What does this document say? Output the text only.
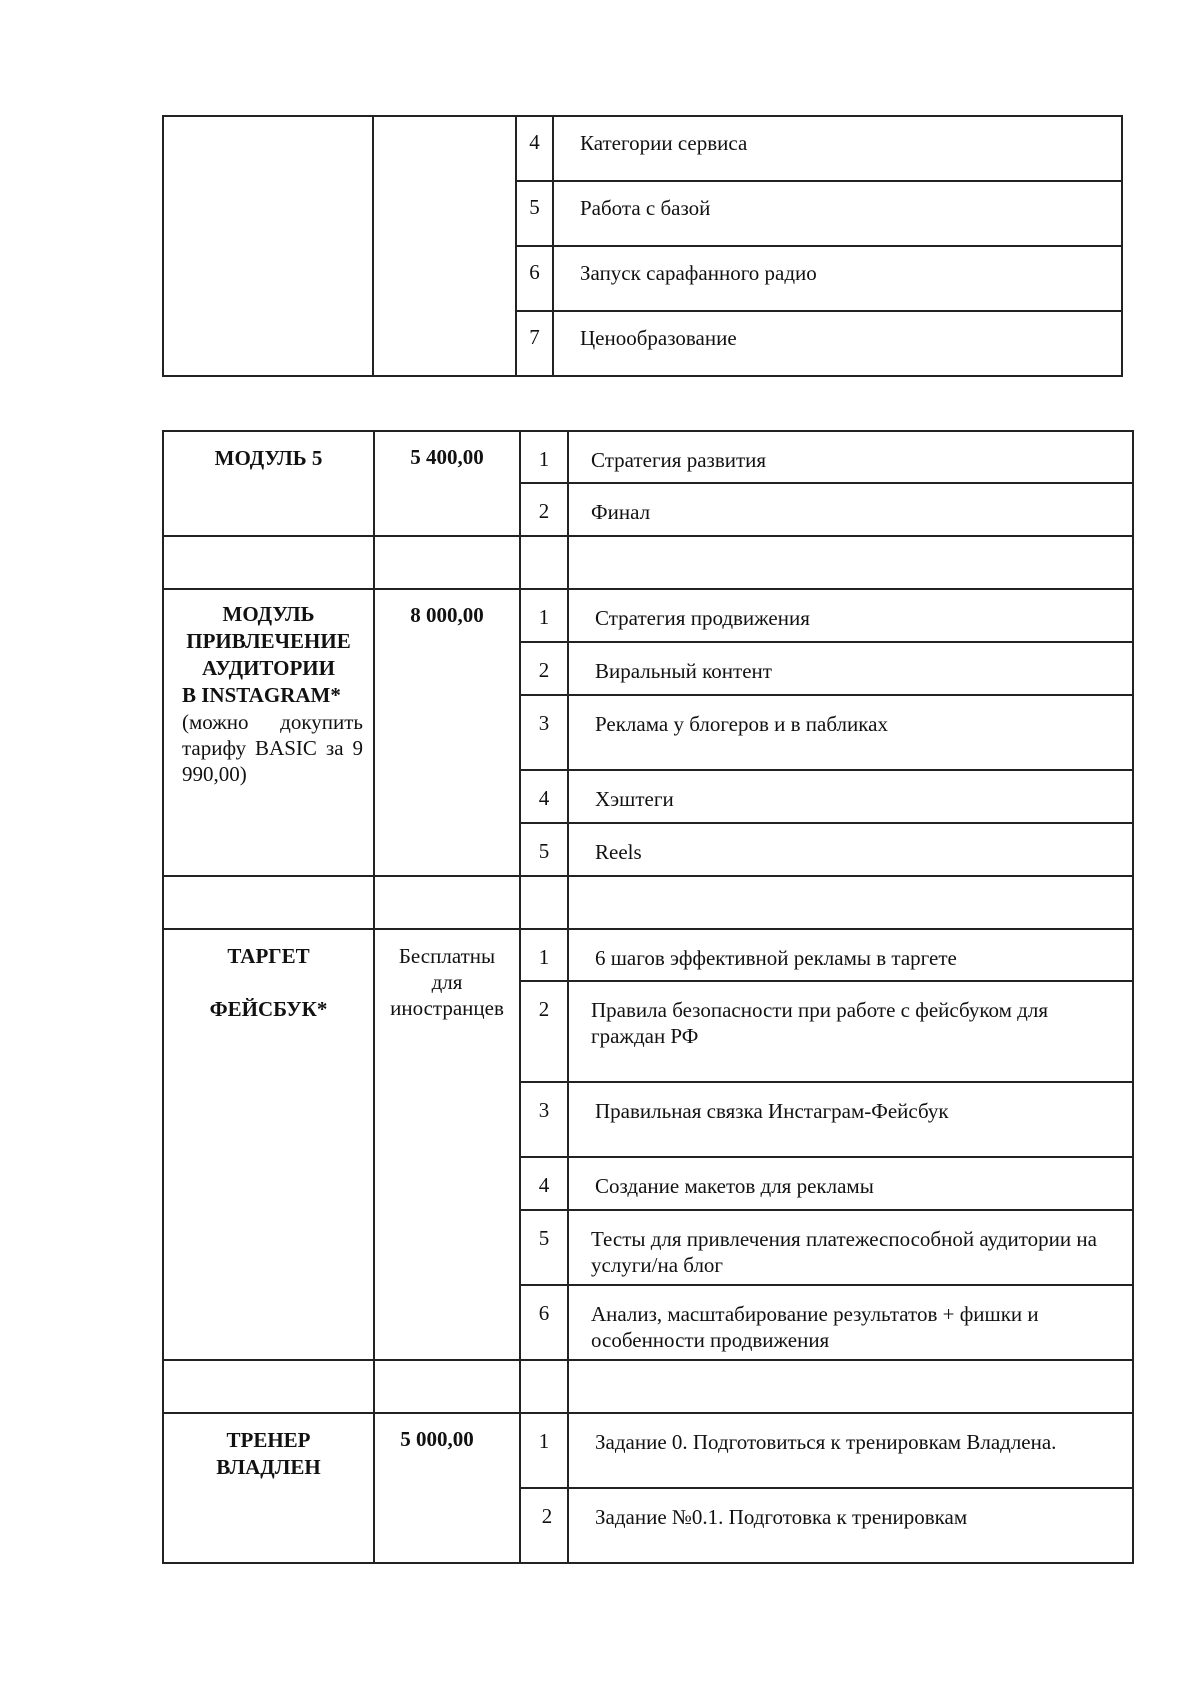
		4	Категории сервиса
		5	Работа с базой
		6	Запуск сарафанного радио
		7	Ценообразование
МОДУЛЬ 5	5 400,00	1	Стратегия развития
		2	Финал

МОДУЛЬ
ПРИВЛЕЧЕНИЕ
АУДИТОРИИ
В INSTAGRAM*
(можно докупить тарифу BASIC за 9 990,00)	8 000,00	1	Стратегия продвижения
		2	Виральный контент
		3	Реклама у блогеров и в пабликах
		4	Хэштеги
		5	Reels

ТАРГЕТ
ФЕЙСБУК*	Бесплатны для иностранцев	1	6 шагов эффективной рекламы в таргете
		2	Правила безопасности при работе с фейсбуком для граждан РФ
		3	Правильная связка Инстаграм-Фейсбук
		4	Создание макетов для рекламы
		5	Тесты для привлечения платежеспособной аудитории на услуги/на блог
		6	Анализ, масштабирование результатов + фишки и особенности продвижения

ТРЕНЕР
ВЛАДЛЕН	5 000,00	1	Задание 0. Подготовиться к тренировкам Владлена.
		2	Задание №0.1. Подготовка к тренировкам
